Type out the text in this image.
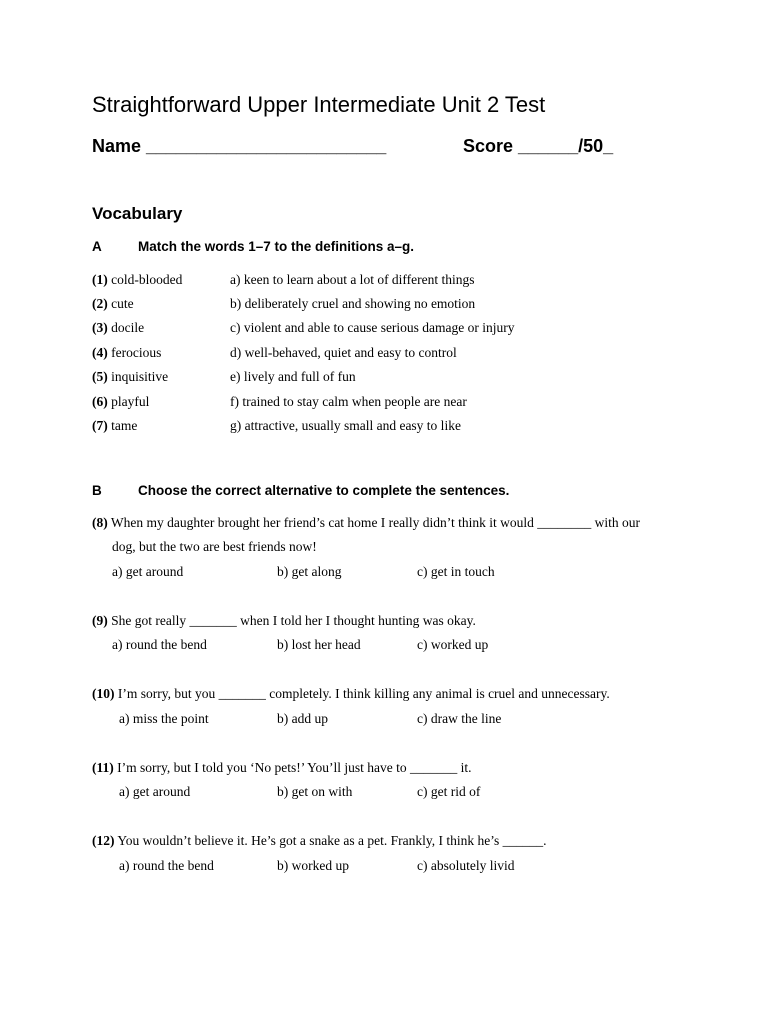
Straightforward Upper Intermediate Unit 2 Test
Name ________________________	Score ______/50_
Vocabulary
A	Match the words 1–7 to the definitions a–g.
(1) cold-blooded	a) keen to learn about a lot of different things
(2) cute	b) deliberately cruel and showing no emotion
(3) docile	c) violent and able to cause serious damage or injury
(4) ferocious	d) well-behaved, quiet and easy to control
(5) inquisitive	e) lively and full of fun
(6) playful	f) trained to stay calm when people are near
(7) tame	g) attractive, usually small and easy to like
B	Choose the correct alternative to complete the sentences.
(8) When my daughter brought her friend’s cat home I really didn’t think it would ________ with our
dog, but the two are best friends now!
a) get around	b) get along	c) get in touch
(9) She got really _______ when I told her I thought hunting was okay.
a) round the bend	b) lost her head	c) worked up
(10) I’m sorry, but you _______ completely. I think killing any animal is cruel and unnecessary.
a) miss the point	b) add up	c) draw the line
(11) I’m sorry, but I told you ‘No pets!’ You’ll just have to _______ it.
a) get around	b) get on with	c) get rid of
(12) You wouldn’t believe it. He’s got a snake as a pet. Frankly, I think he’s ______.
a) round the bend	b) worked up	c) absolutely livid
